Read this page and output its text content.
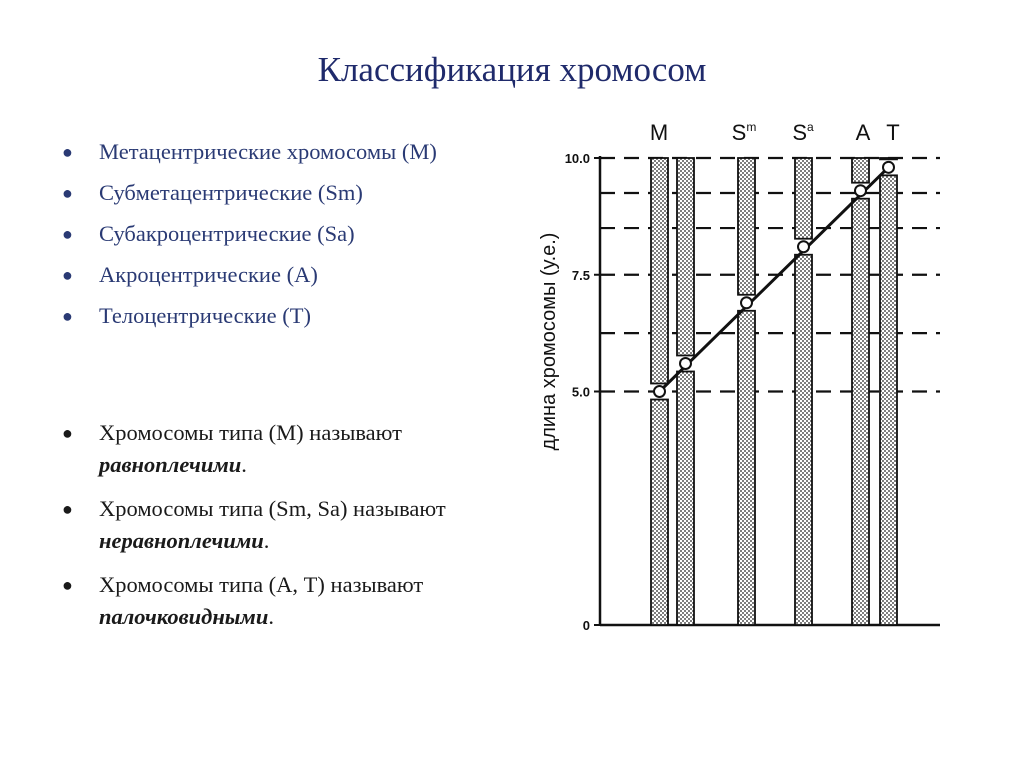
Классификация хромосом
● Метацентрические хромосомы (М)
● Субметацентрические (Sm)
● Субакроцентрические (Sa)
● Акроцентрические (А)
● Телоцентрические (Т)
● Хромосомы типа (М) называют равноплечими.
● Хромосомы типа (Sm, Sa) называют неравноплечими.
● Хромосомы типа (А, Т) называют палочковидными.	0
5.0
7.5
10.0
длина хромосомы (у.е.)
М	$S^m$ $S^a$ A T
